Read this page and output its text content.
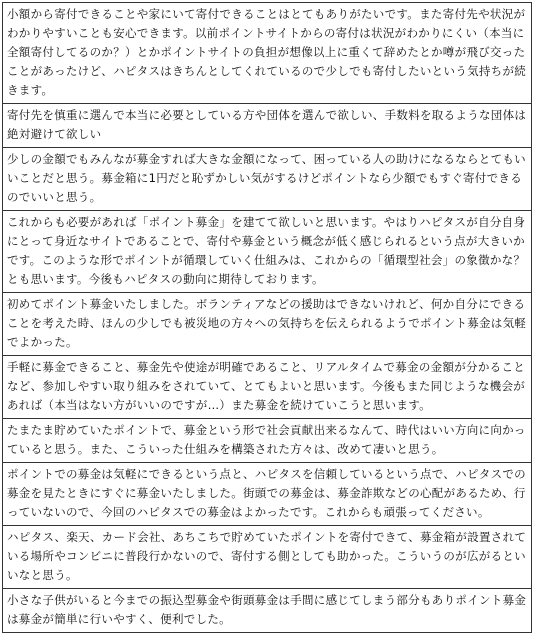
小額から寄付できることや家にいて寄付できることはとてもありがたいです。また寄付先や状況がわかりやすいことも安心できます。以前ポイントサイトからの寄付は状況がわかりにくい（本当に全額寄付してるのか？）とかポイントサイトの負担が想像以上に重くて辞めたとか噂が飛び交ったことがあったけど、ハピタスはきちんとしてくれているので少しでも寄付したいという気持ちが続きます。
寄付先を慎重に選んで本当に必要としている方や団体を選んで欲しい、手数料を取るような団体は絶対避けて欲しい
少しの金額でもみんなが募金すれば大きな金額になって、困っている人の助けになるならとてもいいことだと思う。募金箱に1円だと恥ずかしい気がするけどポイントなら少額でもすぐ寄付できるのでいいと思う。
これからも必要があれば「ポイント募金」を建てて欲しいと思います。やはりハピタスが自分自身にとって身近なサイトであることで、寄付や募金という概念が低く感じられるという点が大きいかです。このような形でポイントが循環していく仕組みは、これからの「循環型社会」の象徴かな？とも思います。今後もハピタスの動向に期待しております。
初めてポイント募金いたしました。ボランティアなどの援助はできないけれど、何か自分にできることを考えた時、ほんの少しでも被災地の方々への気持ちを伝えられるようでポイント募金は気軽でよかった。
手軽に募金できること、募金先や使途が明確であること、リアルタイムで募金の金額が分かることなど、参加しやすい取り組みをされていて、とてもよいと思います。今後もまた同じような機会があれば（本当はない方がいいのですが…）また募金を続けていこうと思います。
たまたま貯めていたポイントで、募金という形で社会貢献出来るなんて、時代はいい方向に向かっていると思う。また、こういった仕組みを構築された方々は、改めて凄いと思う。
ポイントでの募金は気軽にできるという点と、ハピタスを信頼しているという点で、ハピタスでの募金を見たときにすぐに募金いたしました。街頭での募金は、募金詐欺などの心配があるため、行っていないので、今回のハピタスでの募金はよかったです。これからも頑張ってください。
ハピタス、楽天、カード会社、あちこちで貯めていたポイントを寄付できて、募金箱が設置されている場所やコンビニに普段行かないので、寄付する側としても助かった。こういうのが広がるといいなと思う。
小さな子供がいると今までの振込型募金や街頭募金は手間に感じてしまう部分もありポイント募金は募金が簡単に行いやすく、便利でした。
